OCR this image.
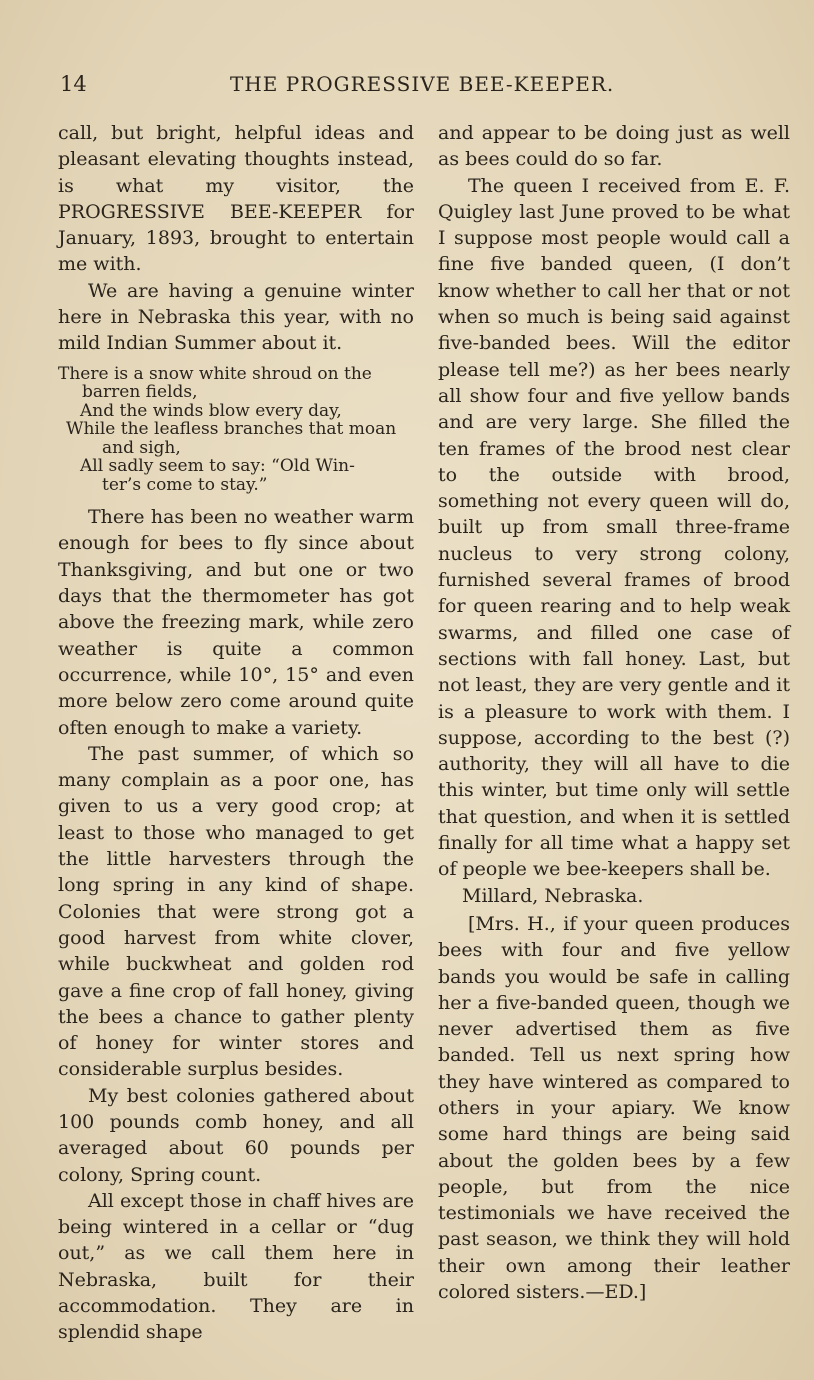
14	THE PROGRESSIVE BEE-KEEPER.

call, but bright, helpful ideas and pleasant elevating thoughts instead, is what my visitor, the PROGRESSIVE BEE-KEEPER for January, 1893, brought to entertain me with.

We are having a genuine winter here in Nebraska this year, with no mild Indian Summer about it.

There is a snow white shroud on the
barren fields,
And the winds blow every day,
While the leafless branches that moan
and sigh,
All sadly seem to say: “Old Win-
ter’s come to stay.”

There has been no weather warm enough for bees to fly since about Thanksgiving, and but one or two days that the thermometer has got above the freezing mark, while zero weather is quite a common occurrence, while 10°, 15° and even more below zero come around quite often enough to make a variety.

The past summer, of which so many complain as a poor one, has given to us a very good crop; at least to those who managed to get the little harvesters through the long spring in any kind of shape. Colonies that were strong got a good harvest from white clover, while buckwheat and golden rod gave a fine crop of fall honey, giving the bees a chance to gather plenty of honey for winter stores and considerable surplus besides.

My best colonies gathered about 100 pounds comb honey, and all averaged about 60 pounds per colony, Spring count.

All except those in chaff hives are being wintered in a cellar or “dug out,” as we call them here in Nebraska, built for their accommodation. They are in splendid shape

and appear to be doing just as well as bees could do so far.

The queen I received from E. F. Quigley last June proved to be what I suppose most people would call a fine five banded queen, (I don’t know whether to call her that or not when so much is being said against five-banded bees. Will the editor please tell me?) as her bees nearly all show four and five yellow bands and are very large. She filled the ten frames of the brood nest clear to the outside with brood, something not every queen will do, built up from small three-frame nucleus to very strong colony, furnished several frames of brood for queen rearing and to help weak swarms, and filled one case of sections with fall honey. Last, but not least, they are very gentle and it is a pleasure to work with them. I suppose, according to the best (?) authority, they will all have to die this winter, but time only will settle that question, and when it is settled finally for all time what a happy set of people we bee-keepers shall be.

Millard, Nebraska.

[Mrs. H., if your queen produces bees with four and five yellow bands you would be safe in calling her a five-banded queen, though we never advertised them as five banded. Tell us next spring how they have wintered as compared to others in your apiary. We know some hard things are being said about the golden bees by a few people, but from the nice testimonials we have received the past season, we think they will hold their own among their leather colored sisters.—ED.]
